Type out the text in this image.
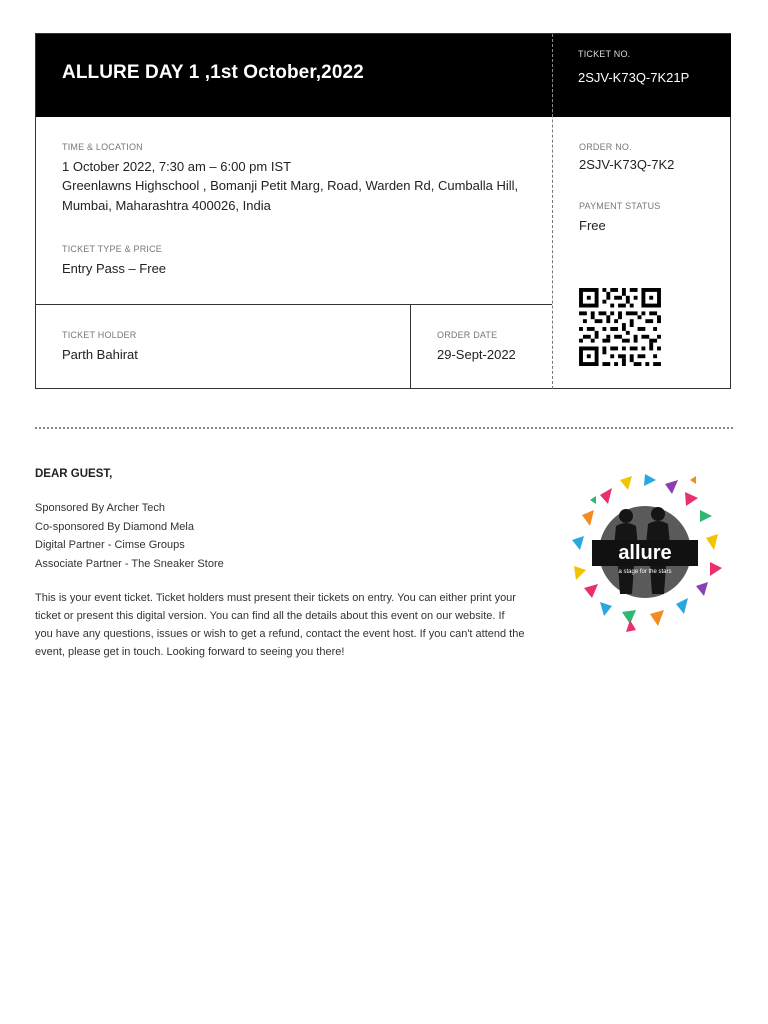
ALLURE DAY 1 ,1st October,2022
TICKET NO.
2SJV-K73Q-7K21P
TIME & LOCATION
1 October 2022, 7:30 am – 6:00 pm IST
Greenlawns Highschool , Bomanji Petit Marg, Road, Warden Rd, Cumballa Hill, Mumbai, Maharashtra 400026, India
TICKET TYPE & PRICE
Entry Pass – Free
ORDER NO.
2SJV-K73Q-7K2
PAYMENT STATUS
Free
TICKET HOLDER
Parth Bahirat
ORDER DATE
29-Sept-2022
DEAR GUEST,
Sponsored By Archer Tech
Co-sponsored By Diamond Mela
Digital Partner - Cimse Groups
Associate Partner - The Sneaker Store
This is your event ticket. Ticket holders must present their tickets on entry. You can either print your ticket or present this digital version. You can find all the details about this event on our website. If you have any questions, issues or wish to get a refund, contact the event host. If you can't attend the event, please get in touch. Looking forward to seeing you there!
allure
a stage for the stars
